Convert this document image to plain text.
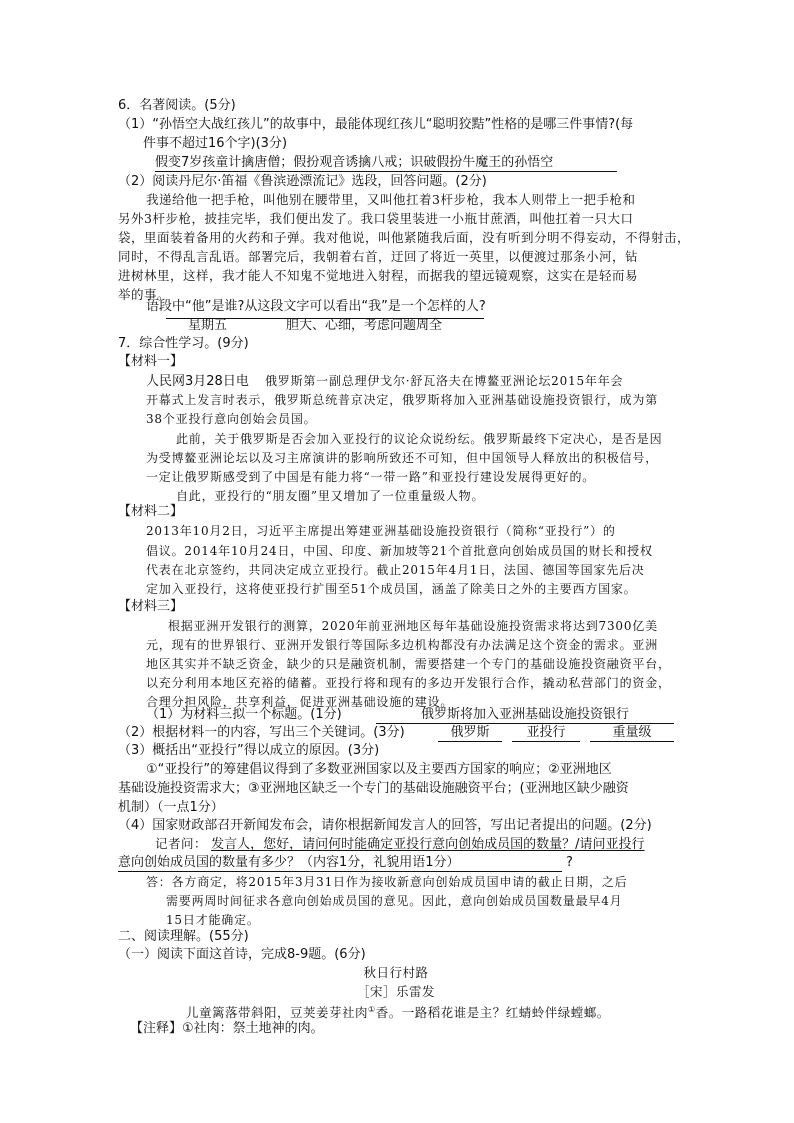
6．名著阅读。(5分)
（1）“孙悟空大战红孩儿”的故事中，最能体现红孩儿“聪明狡黠”性格的是哪三件事情?(每
件事不超过16个字)(3分)
假变7岁孩童计擒唐僧；假扮观音诱擒八戒；识破假扮牛魔王的孙悟空
（2）阅读丹尼尔·笛福《鲁滨逊漂流记》选段，回答问题。(2分)
我递给他一把手枪，叫他别在腰带里，又叫他扛着3杆步枪，我本人则带上一把手枪和
另外3杆步枪，披挂完毕，我们便出发了。我口袋里装进一小瓶甘蔗酒，叫他扛着一只大口
袋，里面装着备用的火药和子弹。我对他说，叫他紧随我后面，没有听到分明不得妄动，不得射击，
同时，不得乱言乱语。部署完后，我朝着右首，迂回了将近一英里，以便渡过那条小河，钻
进树林里，这样，我才能人不知鬼不觉地进入射程，而据我的望远镜观察，这实在是轻而易
举的事。
语段中“他”是谁?从这段文字可以看出“我”是一个怎样的人?
星期五	胆大、心细，考虑问题周全
7．综合性学习。(9分)
【材料一】
人民网3月28日电 俄罗斯第一副总理伊戈尔·舒瓦洛夫在博鳌亚洲论坛2015年年会
开幕式上发言时表示，俄罗斯总统普京决定，俄罗斯将加入亚洲基础设施投资银行，成为第
38个亚投行意向创始会员国。
此前，关于俄罗斯是否会加入亚投行的议论众说纷纭。俄罗斯最终下定决心，是否是因
为受博鳌亚洲论坛以及习主席演讲的影响所致还不可知，但中国领导人释放出的积极信号，
一定让俄罗斯感受到了中国是有能力将“一带一路”和亚投行建设发展得更好的。
自此，亚投行的“朋友圈”里又增加了一位重量级人物。
【材料二】
2013年10月2日，习近平主席提出筹建亚洲基础设施投资银行（简称“亚投行”）的
倡议。2014年10月24日，中国、印度、新加坡等21个首批意向创始成员国的财长和授权
代表在北京签约，共同决定成立亚投行。截止2015年4月1日，法国、德国等国家先后决
定加入亚投行，这将使亚投行扩围至51个成员国，涵盖了除美日之外的主要西方国家。
【材料三】
根据亚洲开发银行的测算，2020年前亚洲地区每年基础设施投资需求将达到7300亿美
元，现有的世界银行、亚洲开发银行等国际多边机构都没有办法满足这个资金的需求。亚洲
地区其实并不缺乏资金，缺少的只是融资机制，需要搭建一个专门的基础设施投资融资平台，
以充分利用本地区充裕的储蓄。亚投行将和现有的多边开发银行合作，撬动私营部门的资金，
合理分担风险，共享利益，促进亚洲基础设施的建设。
（1）为材料三拟一个标题。(1分)	俄罗斯将加入亚洲基础设施投资银行
（2）根据材料一的内容，写出三个关键词。(3分)	俄罗斯	亚投行	重量级
（3）概括出“亚投行”得以成立的原因。(3分)
①“亚投行”的筹建倡议得到了多数亚洲国家以及主要西方国家的响应；②亚洲地区
基础设施投资需求大；③亚洲地区缺乏一个专门的基础设施融资平台；(亚洲地区缺少融资
机制）（一点1分）
（4）国家财政部召开新闻发布会，请你根据新闻发言人的回答，写出记者提出的问题。(2分)
记者问： 发言人，您好，请问何时能确定亚投行意向创始成员国的数量？/请问亚投行
意向创始成员国的数量有多少？（内容1分，礼貌用语1分）	?
答：各方商定，将2015年3月31日作为接收新意向创始成员国申请的截止日期，之后
需要两周时间征求各意向创始成员国的意见。因此，意向创始成员国数量最早4月
15日才能确定。
二、阅读理解。(55分)
（一）阅读下面这首诗，完成8-9题。(6分)
秋日行村路
［宋］乐雷发
儿童篱落带斜阳，豆荚姜芽社肉①香。一路稻花谁是主？红蜻蛉伴绿螳螂。
【注释】①社肉：祭土地神的肉。
